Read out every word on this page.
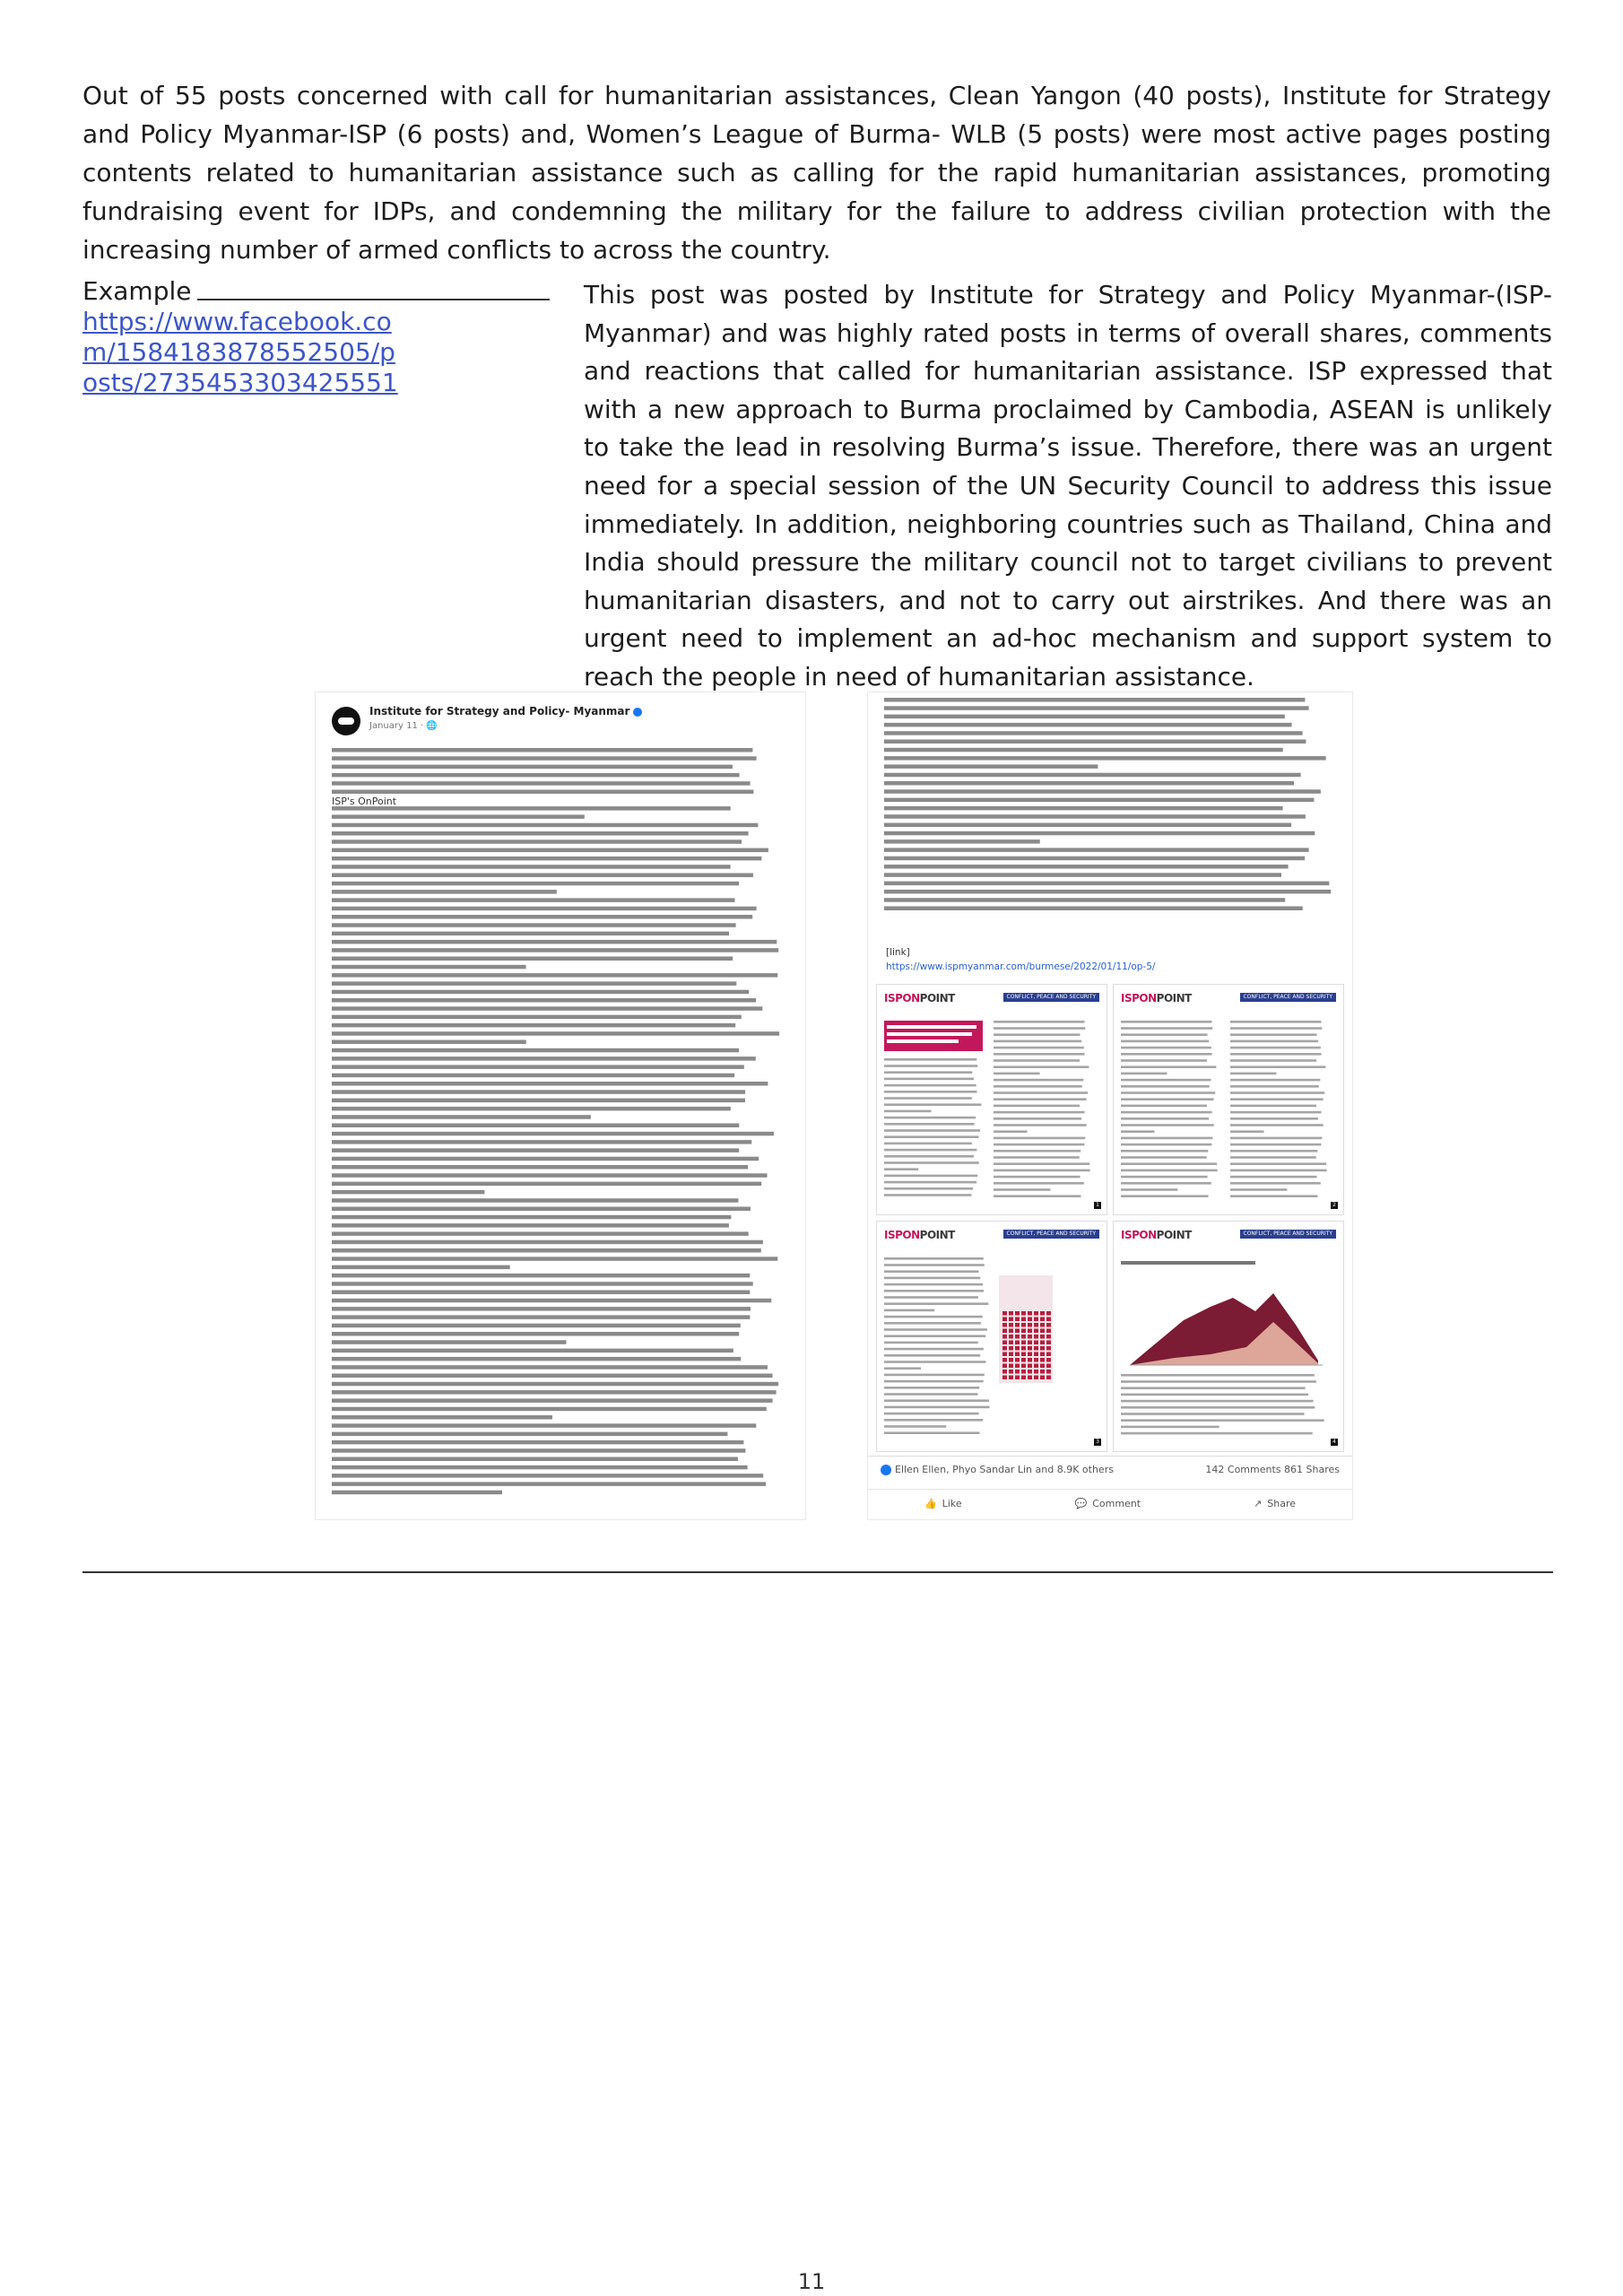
Out of 55 posts concerned with call for humanitarian assistances, Clean Yangon (40 posts), Institute for Strategy and Policy Myanmar-ISP (6 posts) and, Women’s League of Burma- WLB (5 posts) were most active pages posting contents related to humanitarian assistance such as calling for the rapid humanitarian assistances, promoting fundraising event for IDPs, and condemning the military for the failure to address civilian protection with the increasing number of armed conflicts to across the country.

Example
https://www.facebook.com/1584183878552505/posts/2735453303425551

This post was posted by Institute for Strategy and Policy Myanmar-(ISP-Myanmar) and was highly rated posts in terms of overall shares, comments and reactions that called for humanitarian assistance. ISP expressed that with a new approach to Burma proclaimed by Cambodia, ASEAN is unlikely to take the lead in resolving Burma’s issue. Therefore, there was an urgent need for a special session of the UN Security Council to address this issue immediately. In addition, neighboring countries such as Thailand, China and India should pressure the military council not to target civilians to prevent humanitarian disasters, and not to carry out airstrikes. And there was an urgent need to implement an ad-hoc mechanism and support system to reach the people in need of humanitarian assistance.

Institute for Strategy and Policy- Myanmar
January 11 · 🌐
ISP's OnPoint
[link]
https://www.ispmyanmar.com/burmese/2022/01/11/op-5/
ISPONPOINT	CONFLICT, PEACE AND SECURITY
1
ISPONPOINT	CONFLICT, PEACE AND SECURITY
2
ISPONPOINT	CONFLICT, PEACE AND SECURITY
3
ISPONPOINT	CONFLICT, PEACE AND SECURITY
4
Ellen Ellen, Phyo Sandar Lin and 8.9K others	142 Comments 861 Shares
👍 Like	💬 Comment	↗ Share
11
